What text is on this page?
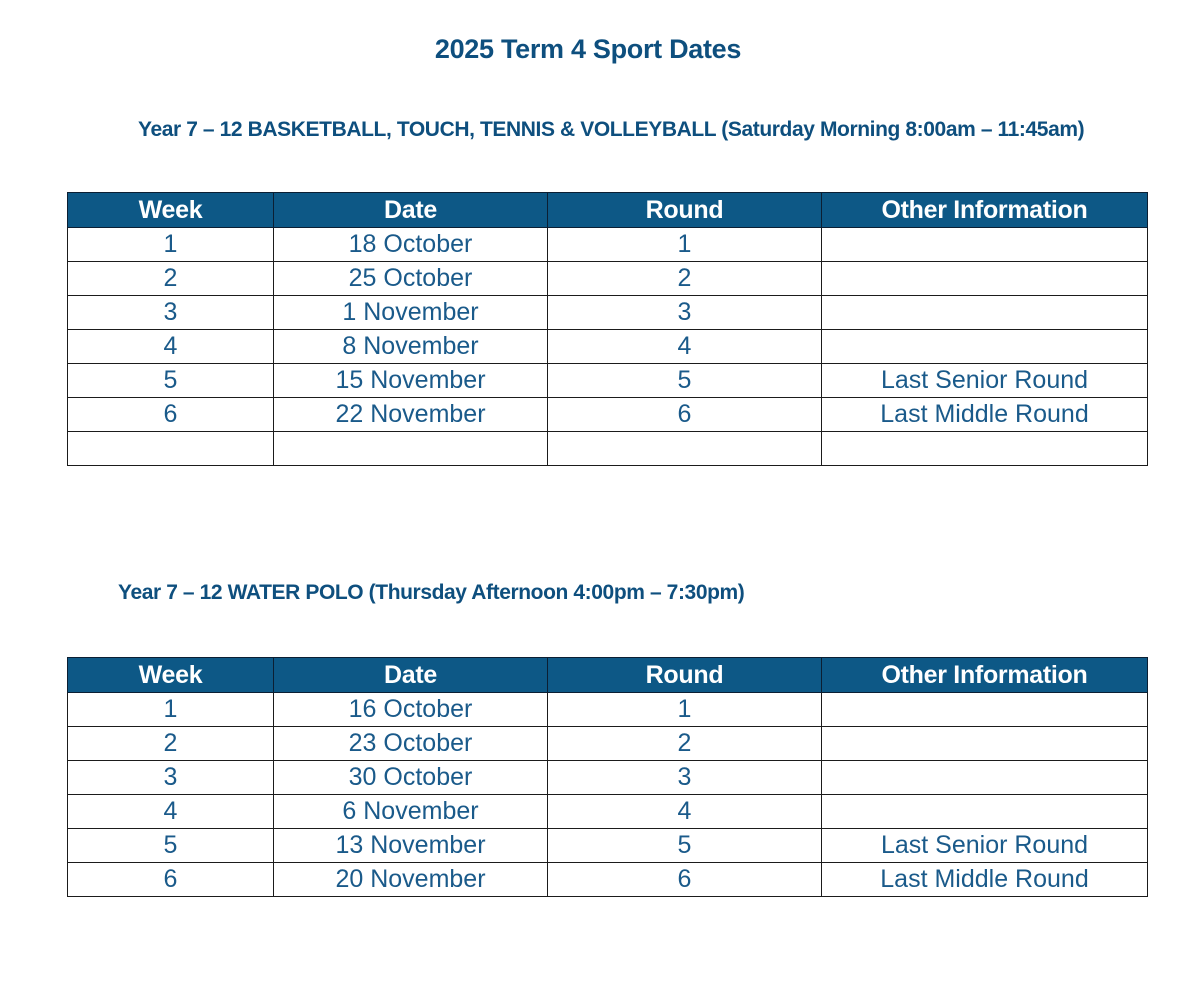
2025 Term 4 Sport Dates
Year 7 – 12 BASKETBALL, TOUCH, TENNIS & VOLLEYBALL (Saturday Morning 8:00am – 11:45am)
Week	Date	Round	Other Information
1	18 October	1	
2	25 October	2	
3	1 November	3	
4	8 November	4	
5	15 November	5	Last Senior Round
6	22 November	6	Last Middle Round

Year 7 – 12 WATER POLO (Thursday Afternoon 4:00pm – 7:30pm)
Week	Date	Round	Other Information
1	16 October	1	
2	23 October	2	
3	30 October	3	
4	6 November	4	
5	13 November	5	Last Senior Round
6	20 November	6	Last Middle Round
